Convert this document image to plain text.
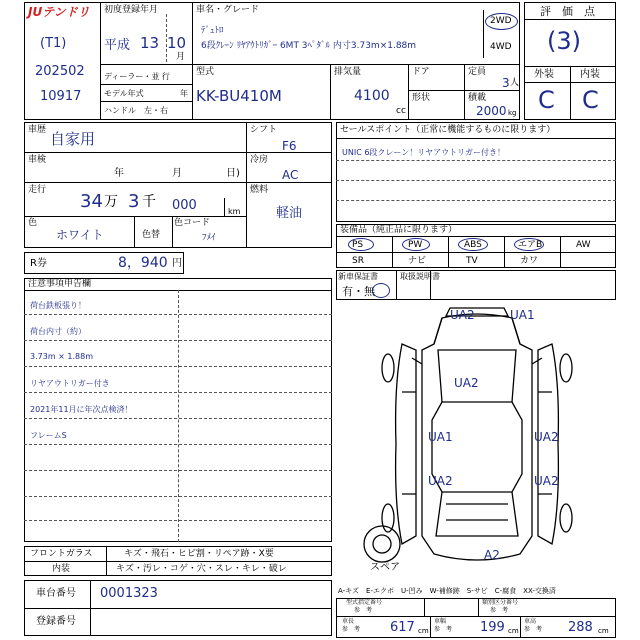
JUテンドリ
(T1)
202502
10917
初度登録年月
平成 13 10
月
ディーラー・並 行
モデル年式	年
ハンドル　左・右
車名・グレード
ﾃﾞｭﾄﾛ
6段ｸﾚｰﾝ ﾘﾔｱｳﾄﾘｶﾞｰ 6MT 3ﾍﾟﾀﾞﾙ 内寸3.73m×1.88m
2WD
4WD
型式
KK-BU410M
排気量
4100
cc
ドア
形状
定員
3 人
積載
2000 kg
評　価　点
(3)
外装	内装
C C
車歴 自家用
車検
年	月	日)
走行
34 万 3 千 000	km
色
ホワイト	色替
色コード
ﾌﾒｲ
シフト
F6
冷房
AC
燃料
軽油
R券	8，940 円
セールスポイント（正常に機能するものに限ります）
UNIC 6段クレーン！リヤアウトリガー付き！
装備品（純正品に限ります）
PS	PW	ABS	エアB	AW
SR	ナビ	TV	カワ
新車保証書
有・無
取扱説明書
注意事項申告欄
荷台鉄板張り！
荷台内寸（約）
3.73m × 1.88m
リヤアウトリガー付き
2021年11月に年次点検済！
フレームS
UA2	UA1
UA2
UA1	UA2
UA2	UA2
A2
スペア
A-キズ　E-エクボ　U-凹み　W-補修跡　S-サビ　C-腐食　XX-交換済
フロントガラス	キズ・飛石・ヒビ割・リペア跡・X要
内装	キズ・汚レ・コゲ・穴・スレ・キレ・破レ
車台番号 0001323
登録番号
型式指定番号
参　考
類別区分番号
参　考
車長
参　考 617 cm
車幅
参　考 199 cm
車高
参　考 288 cm
